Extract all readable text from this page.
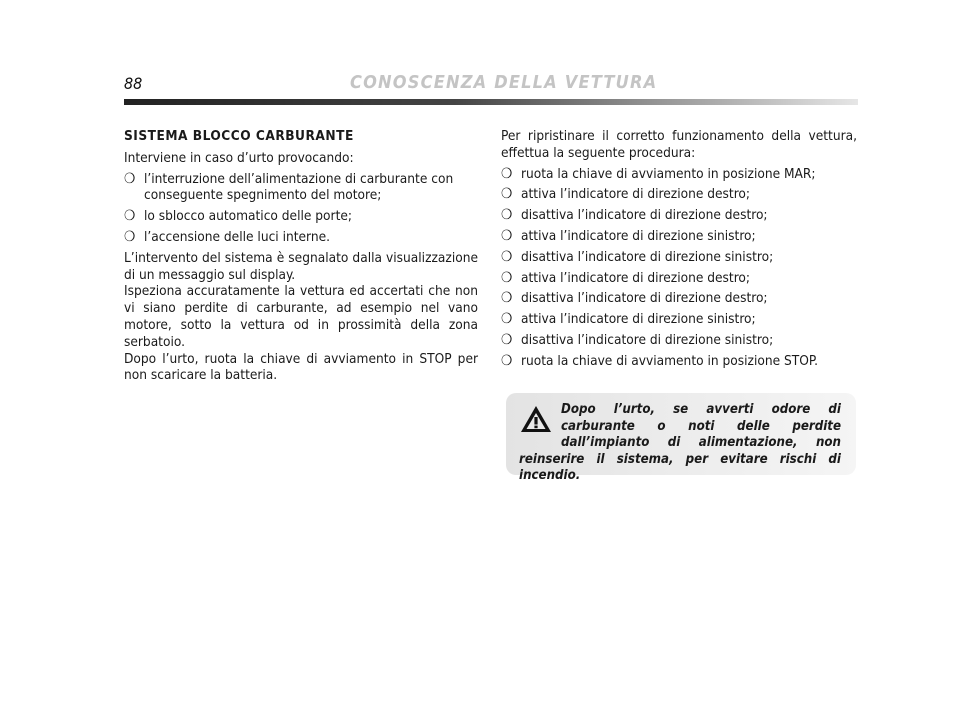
88	CONOSCENZA DELLA VETTURA
SISTEMA BLOCCO CARBURANTE

Interviene in caso d’urto provocando:

❍ l’interruzione dell’alimentazione di carburante con conseguente spegnimento del motore;
❍ lo sblocco automatico delle porte;
❍ l’accensione delle luci interne.

L’intervento del sistema è segnalato dalla visualizzazione di un messaggio sul display.

Ispeziona accuratamente la vettura ed accertati che non vi siano perdite di carburante, ad esempio nel vano motore, sotto la vettura od in prossimità della zona serbatoio.

Dopo l’urto, ruota la chiave di avviamento in STOP per non scaricare la batteria.

Per ripristinare il corretto funzionamento della vettura, effettua la seguente procedura:

❍ ruota la chiave di avviamento in posizione MAR;
❍ attiva l’indicatore di direzione destro;
❍ disattiva l’indicatore di direzione destro;
❍ attiva l’indicatore di direzione sinistro;
❍ disattiva l’indicatore di direzione sinistro;
❍ attiva l’indicatore di direzione destro;
❍ disattiva l’indicatore di direzione destro;
❍ attiva l’indicatore di direzione sinistro;
❍ disattiva l’indicatore di direzione sinistro;
❍ ruota la chiave di avviamento in posizione STOP.
Dopo l’urto, se avverti odore di carburante o noti delle perdite dall’impianto di alimentazione, non reinserire il sistema, per evitare rischi di incendio.
